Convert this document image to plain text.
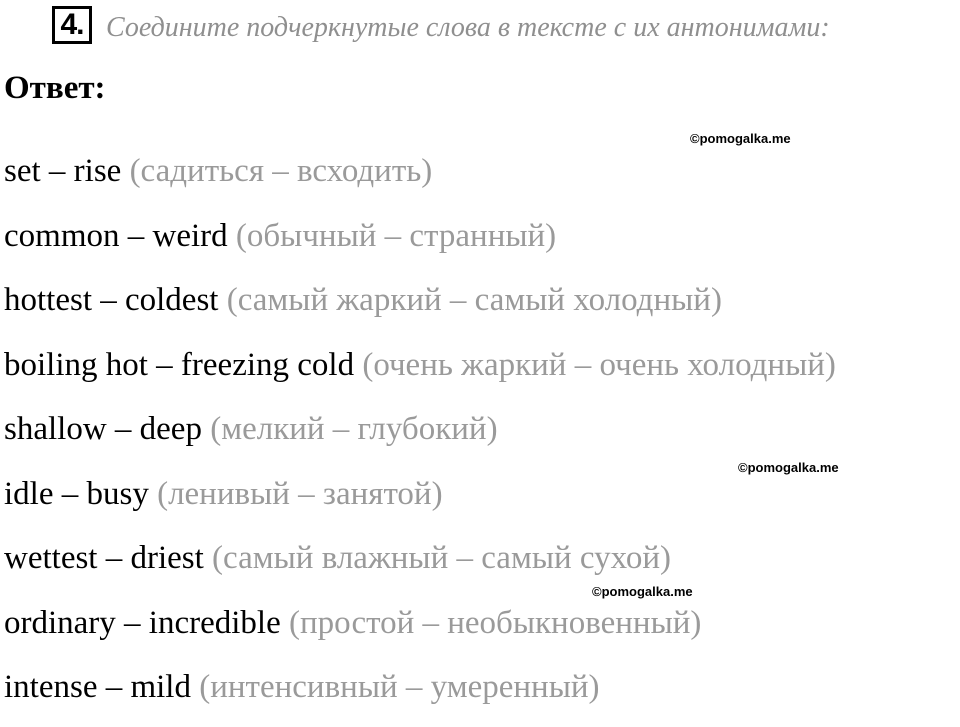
4. Соедините подчеркнутые слова в тексте с их антонимами:
Ответ:
©pomogalka.me
©pomogalka.me
©pomogalka.me
set – rise (садиться – всходить)
common – weird (обычный – странный)
hottest – coldest (самый жаркий – самый холодный)
boiling hot – freezing cold (очень жаркий – очень холодный)
shallow – deep (мелкий – глубокий)
idle – busy (ленивый – занятой)
wettest – driest (самый влажный – самый сухой)
ordinary – incredible (простой – необыкновенный)
intense – mild (интенсивный – умеренный)
